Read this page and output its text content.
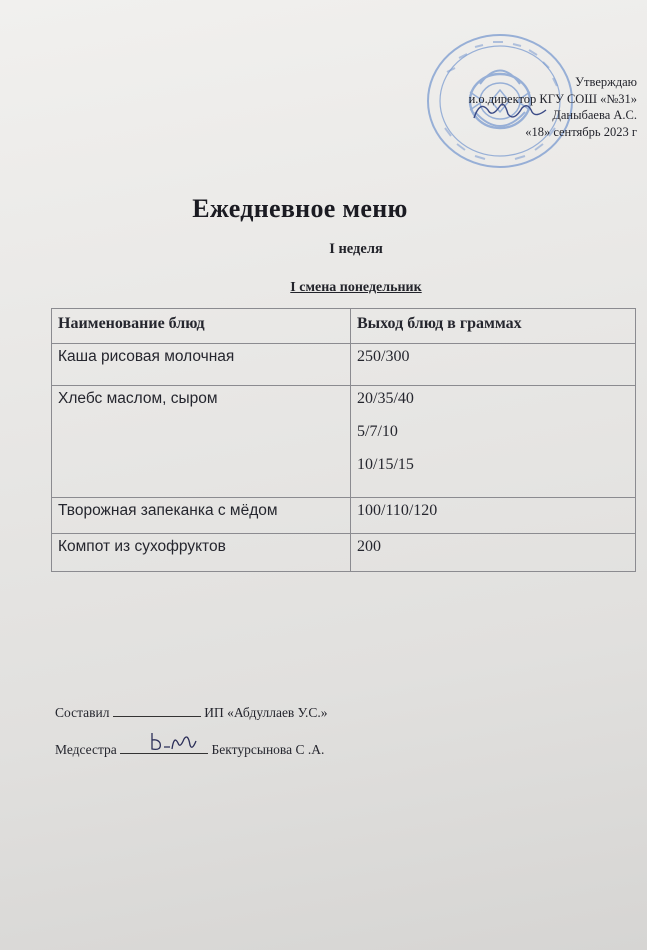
Утверждаю
и.о.директор КГУ СОШ «№31»
Даныбаева А.С.
«18» сентябрь 2023 г
Ежедневное меню
I неделя
I смена понедельник
Наименование блюд	Выход блюд в граммах
Каша рисовая молочная	250/300
Хлебс маслом, сыром	20/35/40
5/7/10
10/15/15

Творожная запеканка с мёдом	100/110/120
Компот из сухофруктов	200
Составил	ИП «Абдуллаев У.С.»
Медсестра	Бектурсынова С .А.
